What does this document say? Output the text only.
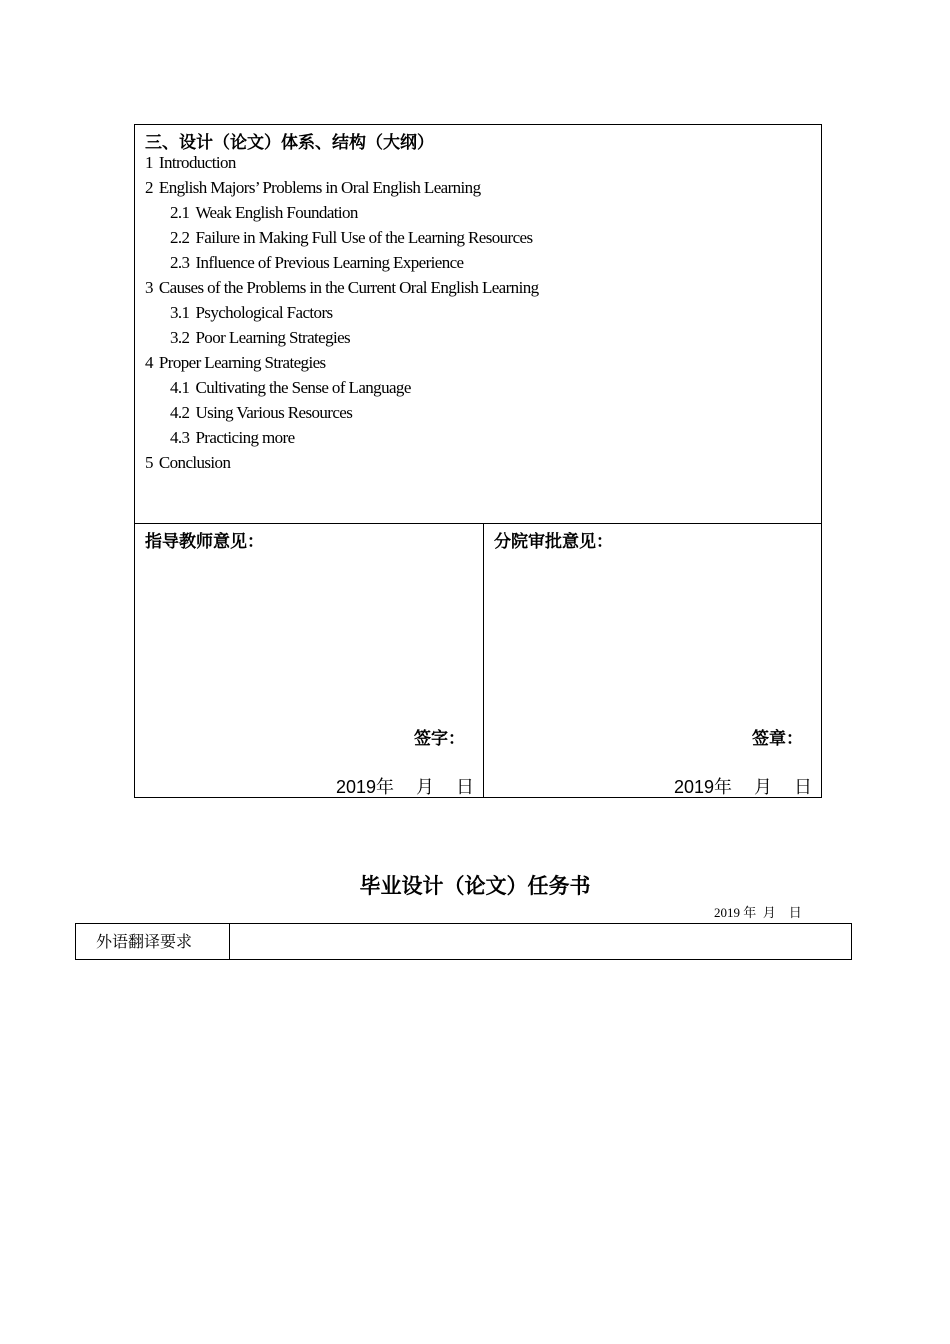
三、设计（论文）体系、结构（大纲）
1 Introduction
2 English Majors’ Problems in Oral English Learning
2.1 Weak English Foundation
2.2 Failure in Making Full Use of the Learning Resources
2.3 Influence of Previous Learning Experience
3 Causes of the Problems in the Current Oral English Learning
3.1 Psychological Factors
3.2 Poor Learning Strategies
4 Proper Learning Strategies
4.1 Cultivating the Sense of Language
4.2 Using Various Resources
4.3 Practicing more
5 Conclusion
指导教师意见：
签字：
2019年 月 日
分院审批意见：
签章：
2019年 月 日
毕业设计（论文）任务书
2019 年 月 日
外语翻译要求
